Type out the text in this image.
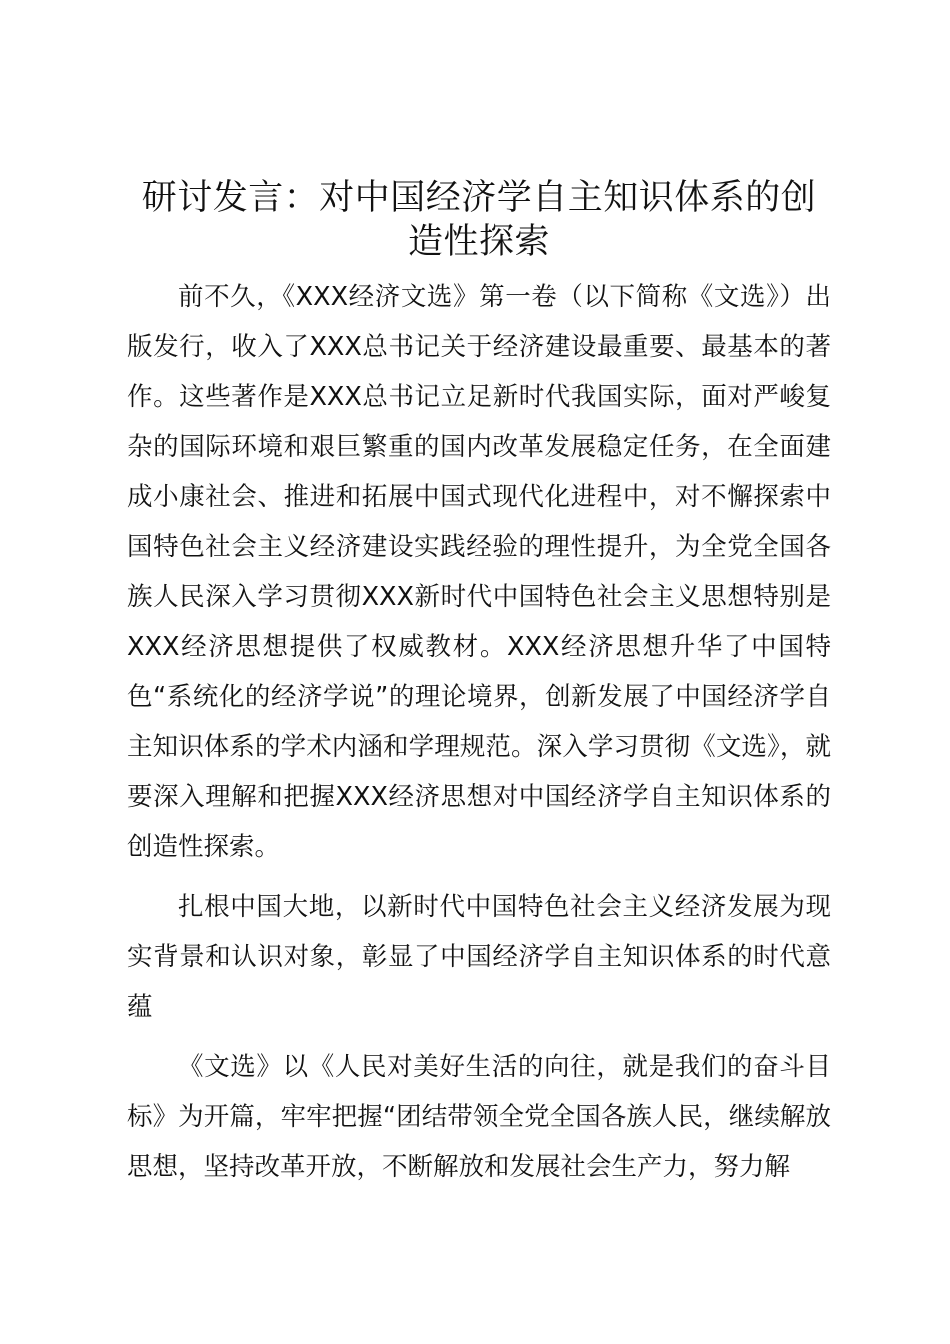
研讨发言：对中国经济学自主知识体系的创造性探索

前不久，《XXX经济文选》第一卷（以下简称《文选》）出版发行，收入了XXX总书记关于经济建设最重要、最基本的著作。这些著作是XXX总书记立足新时代我国实际，面对严峻复杂的国际环境和艰巨繁重的国内改革发展稳定任务，在全面建成小康社会、推进和拓展中国式现代化进程中，对不懈探索中国特色社会主义经济建设实践经验的理性提升，为全党全国各族人民深入学习贯彻XXX新时代中国特色社会主义思想特别是XXX经济思想提供了权威教材。XXX经济思想升华了中国特色“系统化的经济学说”的理论境界，创新发展了中国经济学自主知识体系的学术内涵和学理规范。深入学习贯彻《文选》，就要深入理解和把握XXX经济思想对中国经济学自主知识体系的创造性探索。

扎根中国大地，以新时代中国特色社会主义经济发展为现实背景和认识对象，彰显了中国经济学自主知识体系的时代意蕴

《文选》以《人民对美好生活的向往，就是我们的奋斗目标》为开篇，牢牢把握“团结带领全党全国各族人民，继续解放思想，坚持改革开放，不断解放和发展社会生产力，努力解
